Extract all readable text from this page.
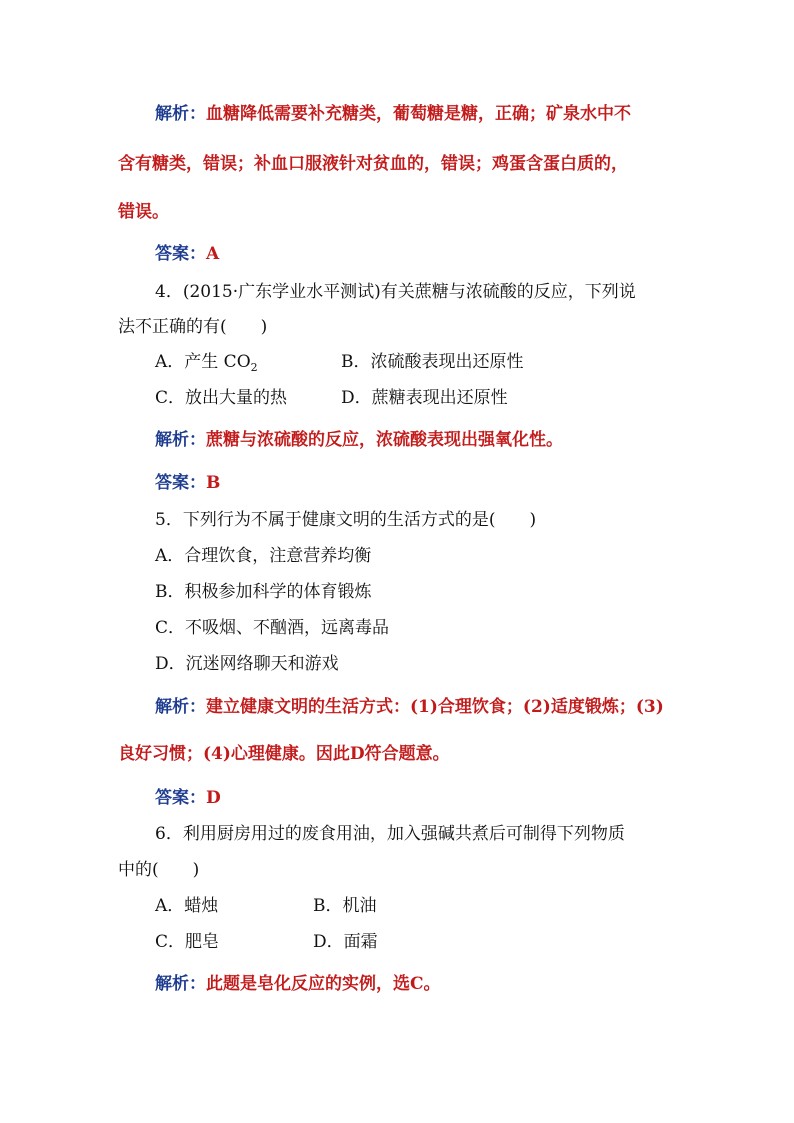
解析：血糖降低需要补充糖类，葡萄糖是糖，正确；矿泉水中不
含有糖类，错误；补血口服液针对贫血的，错误；鸡蛋含蛋白质的，
错误。
答案：A
4．(2015·广东学业水平测试)有关蔗糖与浓硫酸的反应，下列说
法不正确的有(　　)
A．产生 $CO_2$	B．浓硫酸表现出还原性
C．放出大量的热	D．蔗糖表现出还原性
解析：蔗糖与浓硫酸的反应，浓硫酸表现出强氧化性。
答案：B
5．下列行为不属于健康文明的生活方式的是(　　)
A．合理饮食，注意营养均衡
B．积极参加科学的体育锻炼
C．不吸烟、不酗酒，远离毒品
D．沉迷网络聊天和游戏
解析：建立健康文明的生活方式：(1)合理饮食；(2)适度锻炼；(3)
良好习惯；(4)心理健康。因此D符合题意。
答案：D
6．利用厨房用过的废食用油，加入强碱共煮后可制得下列物质
中的(　　)
A．蜡烛	B．机油
C．肥皂	D．面霜
解析：此题是皂化反应的实例，选C。
